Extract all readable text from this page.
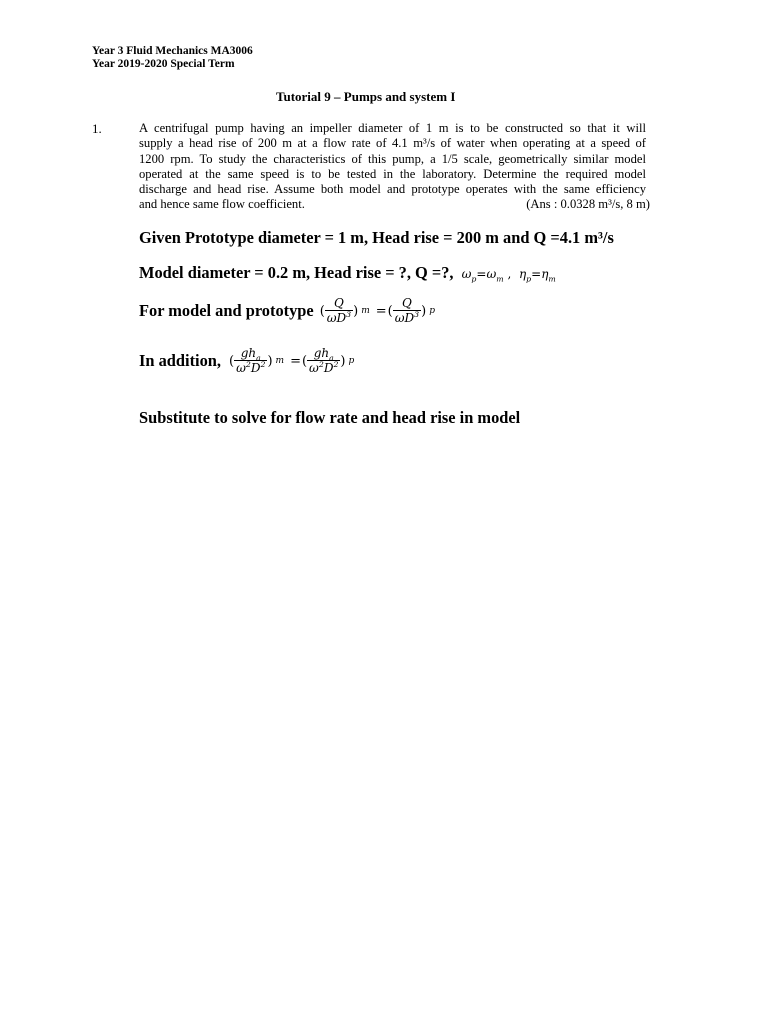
Year 3 Fluid Mechanics MA3006
Year 2019-2020 Special Term
Tutorial 9 – Pumps and system I
1.	A centrifugal pump having an impeller diameter of 1 m is to be constructed so that it will
supply a head rise of 200 m at a flow rate of 4.1 m³/s of water when operating at a speed of
1200 rpm. To study the characteristics of this pump, a 1/5 scale, geometrically similar model
operated at the same speed is to be tested in the laboratory. Determine the required model
discharge and head rise. Assume both model and prototype operates with the same efficiency
and hence same flow coefficient.	(Ans : 0.0328 m³/s, 8 m)
Given Prototype diameter = 1 m, Head rise = 200 m and Q =4.1 m³/s
Model diameter = 0.2 m, Head rise = ?, Q =?, $\omega_p=\omega_m$ ,  $\eta_p=\eta_m$
For model and prototype ( $\frac{Q}{\omega D^3}$ ) m = ( $\frac{Q}{\omega D^3}$ ) p
In addition, ( $\frac{gh_a}{\omega^2D^2}$ ) m = ( $\frac{gh_a}{\omega^2D^2}$ ) p
Substitute to solve for flow rate and head rise in model
